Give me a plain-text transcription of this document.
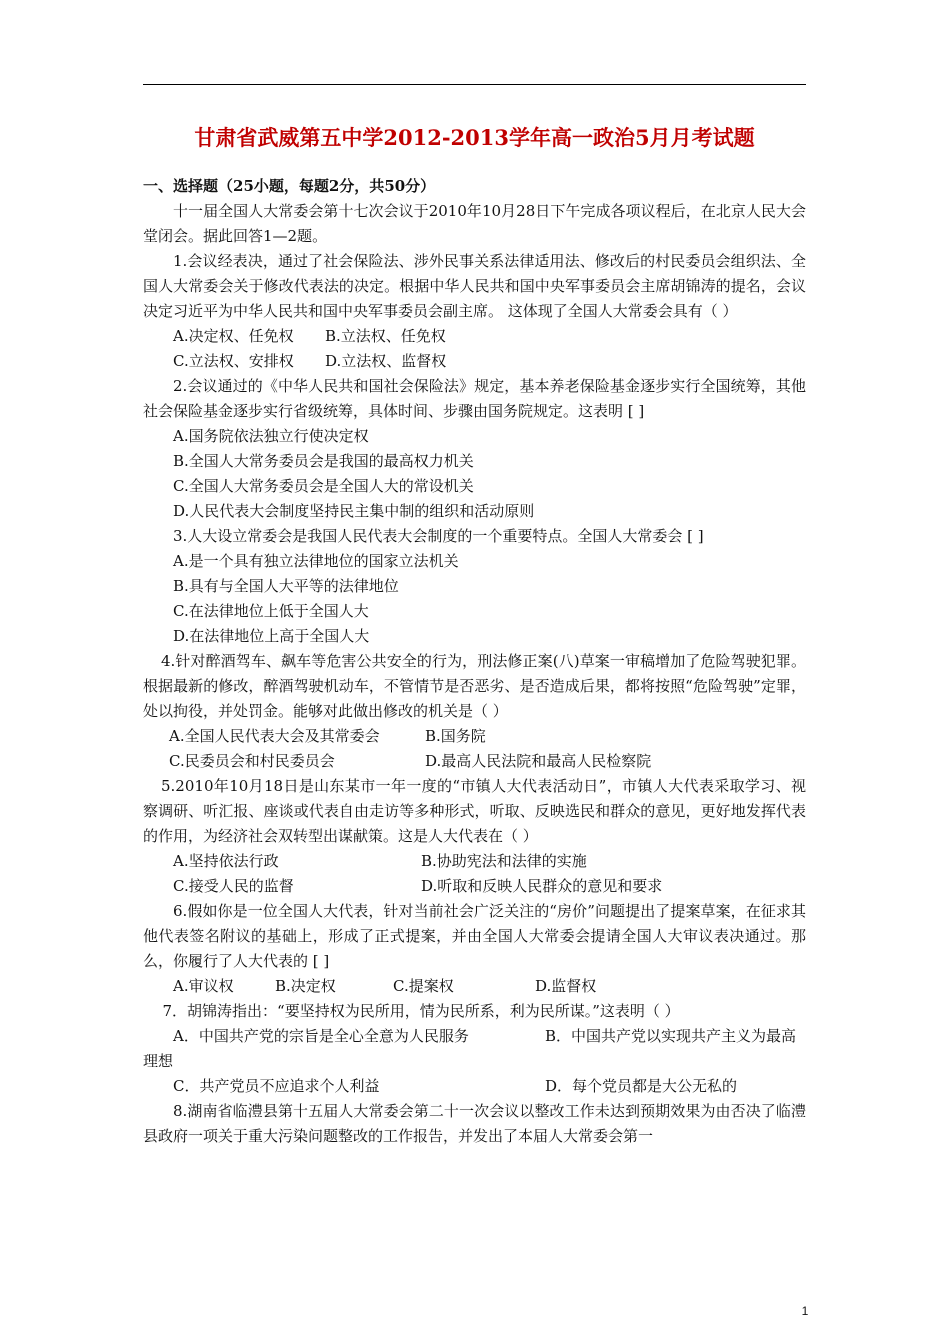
甘肃省武威第五中学2012-2013学年高一政治5月月考试题

一、选择题（25小题，每题2分，共50分）

十一届全国人大常委会第十七次会议于2010年10月28日下午完成各项议程后，在北京人民大会堂闭会。据此回答1—2题。

1.会议经表决，通过了社会保险法、涉外民事关系法律适用法、修改后的村民委员会组织法、全国人大常委会关于修改代表法的决定。根据中华人民共和国中央军事委员会主席胡锦涛的提名，会议决定习近平为中华人民共和国中央军事委员会副主席。 这体现了全国人大常委会具有（ ）

A.决定权、任免权 B.立法权、任免权

C.立法权、安排权 D.立法权、监督权

2.会议通过的《中华人民共和国社会保险法》规定，基本养老保险基金逐步实行全国统筹，其他社会保险基金逐步实行省级统筹，具体时间、步骤由国务院规定。这表明 [ ]

A.国务院依法独立行使决定权

B.全国人大常务委员会是我国的最高权力机关

C.全国人大常务委员会是全国人大的常设机关

D.人民代表大会制度坚持民主集中制的组织和活动原则

3.人大设立常委会是我国人民代表大会制度的一个重要特点。全国人大常委会 [ ]

A.是一个具有独立法律地位的国家立法机关

B.具有与全国人大平等的法律地位

C.在法律地位上低于全国人大

D.在法律地位上高于全国人大

4.针对醉酒驾车、飙车等危害公共安全的行为，刑法修正案(八)草案一审稿增加了危险驾驶犯罪。根据最新的修改，醉酒驾驶机动车，不管情节是否恶劣、是否造成后果，都将按照“危险驾驶”定罪，处以拘役，并处罚金。能够对此做出修改的机关是（ ）

A.全国人民代表大会及其常委会	B.国务院

C.民委员会和村民委员会	D.最高人民法院和最高人民检察院

5.2010年10月18日是山东某市一年一度的“市镇人大代表活动日”，市镇人大代表采取学习、视察调研、听汇报、座谈或代表自由走访等多种形式，听取、反映选民和群众的意见，更好地发挥代表的作用，为经济社会双转型出谋献策。这是人大代表在（ ）

A.坚持依法行政	B.协助宪法和法律的实施

C.接受人民的监督	D.听取和反映人民群众的意见和要求

6.假如你是一位全国人大代表，针对当前社会广泛关注的“房价”问题提出了提案草案，在征求其他代表签名附议的基础上，形成了正式提案，并由全国人大常委会提请全国人大审议表决通过。那么，你履行了人大代表的 [ ]

A.审议权	B.决定权	C.提案权	D.监督权

7．胡锦涛指出：“要坚持权为民所用，情为民所系，利为民所谋。”这表明（ ）

A．中国共产党的宗旨是全心全意为人民服务	B．中国共产党以实现共产主义为最高理想

C．共产党员不应追求个人利益	D．每个党员都是大公无私的

8.湖南省临澧县第十五届人大常委会第二十一次会议以整改工作未达到预期效果为由否决了临澧县政府一项关于重大污染问题整改的工作报告，并发出了本届人大常委会第一

1
